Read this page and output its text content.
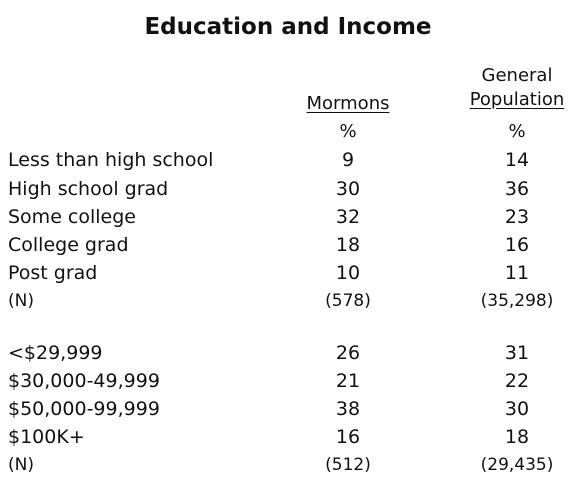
Education and Income
Mormons
General
Population
%	%
Less than high school	9	14
High school grad	30	36
Some college	32	23
College grad	18	16
Post grad	10	11
(N)	(578)	(35,298)
<$29,999	26	31
$30,000-49,999	21	22
$50,000-99,999	38	30
$100K+	16	18
(N)	(512)	(29,435)
